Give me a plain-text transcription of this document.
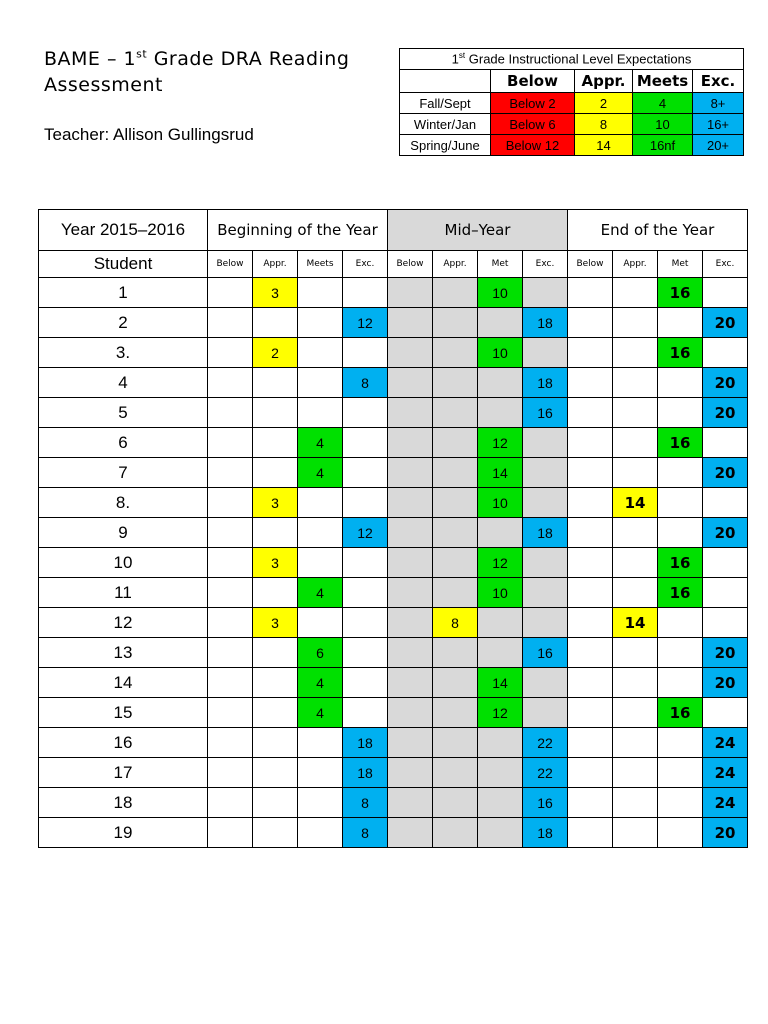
BAME – 1st Grade DRA Reading
Assessment
Teacher: Allison Gullingsrud
1st Grade Instructional Level Expectations				
	Below	Appr.	Meets	Exc.
Fall/Sept	Below 2	2	4	8+
Winter/Jan	Below 6	8	10	16+
Spring/June	Below 12	14	16nf	20+
Year 2015–2016	Beginning of the Year				Mid–Year				End of the Year			
Student	Below	Appr.	Meets	Exc.	Below	Appr.	Met	Exc.	Below	Appr.	Met	Exc.
1		3					10				16	
2				12				18				20
3.		2					10				16	
4				8				18				20
5								16				20
6			4				12				16	
7			4				14					20
8.		3					10			14		
9				12				18				20
10		3					12				16	
11			4				10				16	
12		3				8				14		
13			6					16				20
14			4				14					20
15			4				12				16	
16				18				22				24
17				18				22				24
18				8				16				24
19				8				18				20
